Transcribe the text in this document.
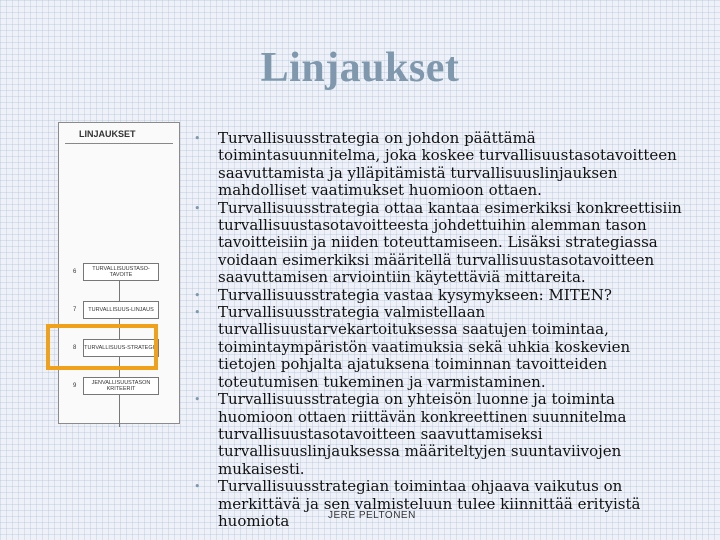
Linjaukset
LINJAUKSET
6	TURVALLISUUSTASO-TAVOITE
7 TURVALLISUUS-LINJAUS
8 TURVALLISUUS-STRATEGIA
9	JENVALLISUUSTASON KRITEERIT
• Turvallisuusstrategia on johdon päättämä toimintasuunnitelma, joka koskee turvallisuustasotavoitteen saavuttamista ja ylläpitämistä turvallisuuslinjauksen mahdolliset vaatimukset huomioon ottaen.
• Turvallisuusstrategia ottaa kantaa esimerkiksi konkreettisiin turvallisuustasotavoitteesta johdettuihin alemman tason tavoitteisiin ja niiden toteuttamiseen. Lisäksi strategiassa voidaan esimerkiksi määritellä turvallisuustasotavoitteen saavuttamisen arviointiin käytettäviä mittareita.
• Turvallisuusstrategia vastaa kysymykseen: MITEN?
• Turvallisuusstrategia valmistellaan turvallisuustarvekartoituksessa saatujen toimintaa, toimintaympäristön vaatimuksia sekä uhkia koskevien tietojen pohjalta ajatuksena toiminnan tavoitteiden toteutumisen tukeminen ja varmistaminen.
• Turvallisuusstrategia on yhteisön luonne ja toiminta huomioon ottaen riittävän konkreettinen suunnitelma turvallisuustasotavoitteen saavuttamiseksi turvallisuuslinjauksessa määriteltyjen suuntaviivojen mukaisesti.
• Turvallisuusstrategian toimintaa ohjaava vaikutus on merkittävä ja sen valmisteluun tulee kiinnittää erityistä huomiota	JERE PELTONEN
